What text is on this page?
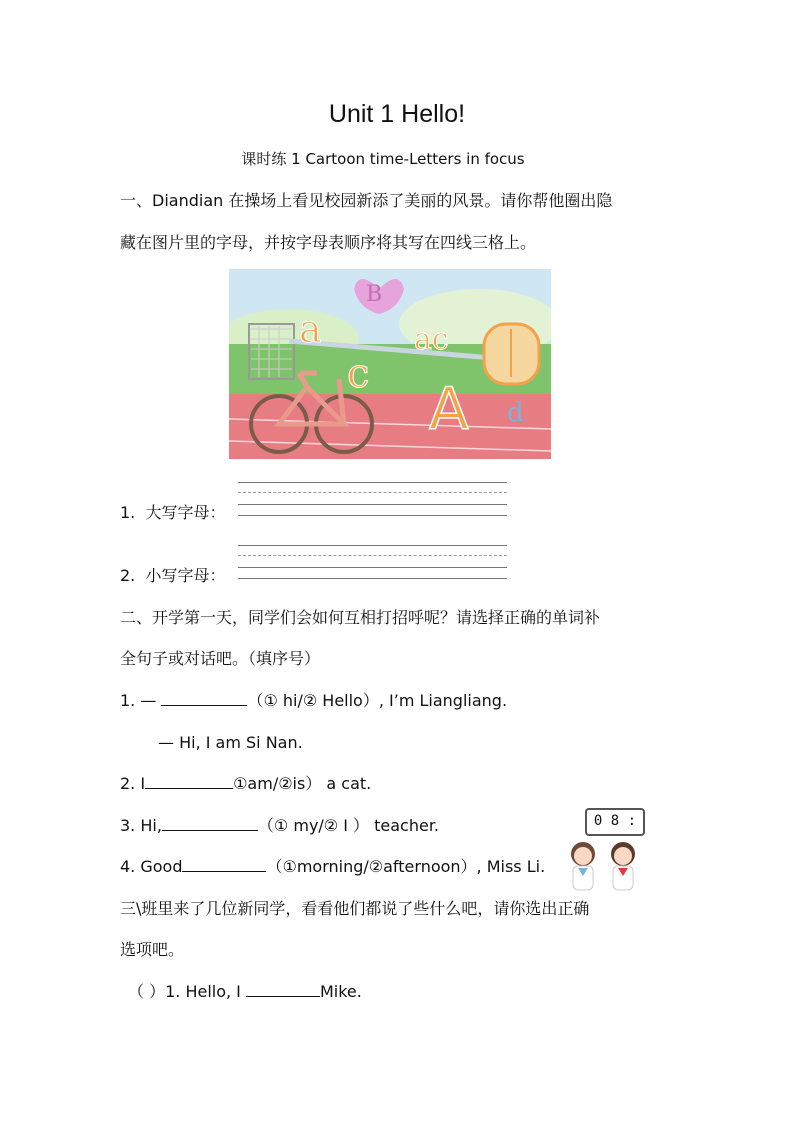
Unit 1 Hello!
课时练 1 Cartoon time-Letters in focus
一、Diandian 在操场上看见校园新添了美丽的风景。请你帮他圈出隐
藏在图片里的字母，并按字母表顺序将其写在四线三格上。
B
a	ac
c
A d
1. 大写字母：
2. 小写字母：
二、开学第一天，同学们会如何互相打招呼呢？请选择正确的单词补
全句子或对话吧。（填序号）
1. —	（① hi/② Hello）, I’m Liangliang.
— Hi, I am Si Nan.
2. I	①am/②is） a cat.
3. Hi,	（① my/② I ） teacher.
4. Good	（①morning/②afternoon）, Miss Li.
0 8 :
三\班里来了几位新同学，看看他们都说了些什么吧，请你选出正确
选项吧。
（ ）1. Hello, I	Mike.
